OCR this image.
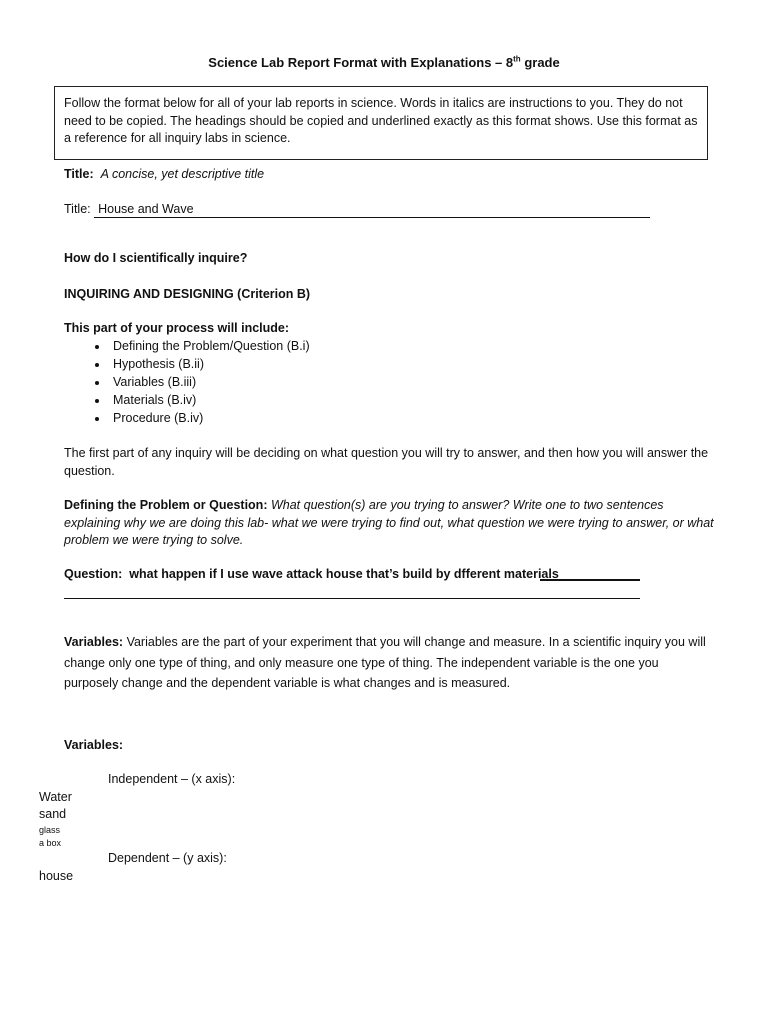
Science Lab Report Format with Explanations – 8th grade
Follow the format below for all of your lab reports in science. Words in italics are instructions to you. They do not need to be copied. The headings should be copied and underlined exactly as this format shows. Use this format as a reference for all inquiry labs in science.
Title: A concise, yet descriptive title
Title: House and Wave
How do I scientifically inquire?
INQUIRING AND DESIGNING (Criterion B)
This part of your process will include:
• Defining the Problem/Question (B.i)
• Hypothesis (B.ii)
• Variables (B.iii)
• Materials (B.iv)
• Procedure (B.iv)
The first part of any inquiry will be deciding on what question you will try to answer, and then how you will answer the question.
Defining the Problem or Question: What question(s) are you trying to answer? Write one to two sentences explaining why we are doing this lab- what we were trying to find out, what question we were trying to answer, or what problem we were trying to solve.
Question: what happen if I use wave attack house that’s build by dfferent materials
Variables: Variables are the part of your experiment that you will change and measure. In a scientific inquiry you will change only one type of thing, and only measure one type of thing. The independent variable is the one you purposely change and the dependent variable is what changes and is measured.
Variables:
Independent – (x axis):
Water
sand
glass
a box
Dependent – (y axis):
house
